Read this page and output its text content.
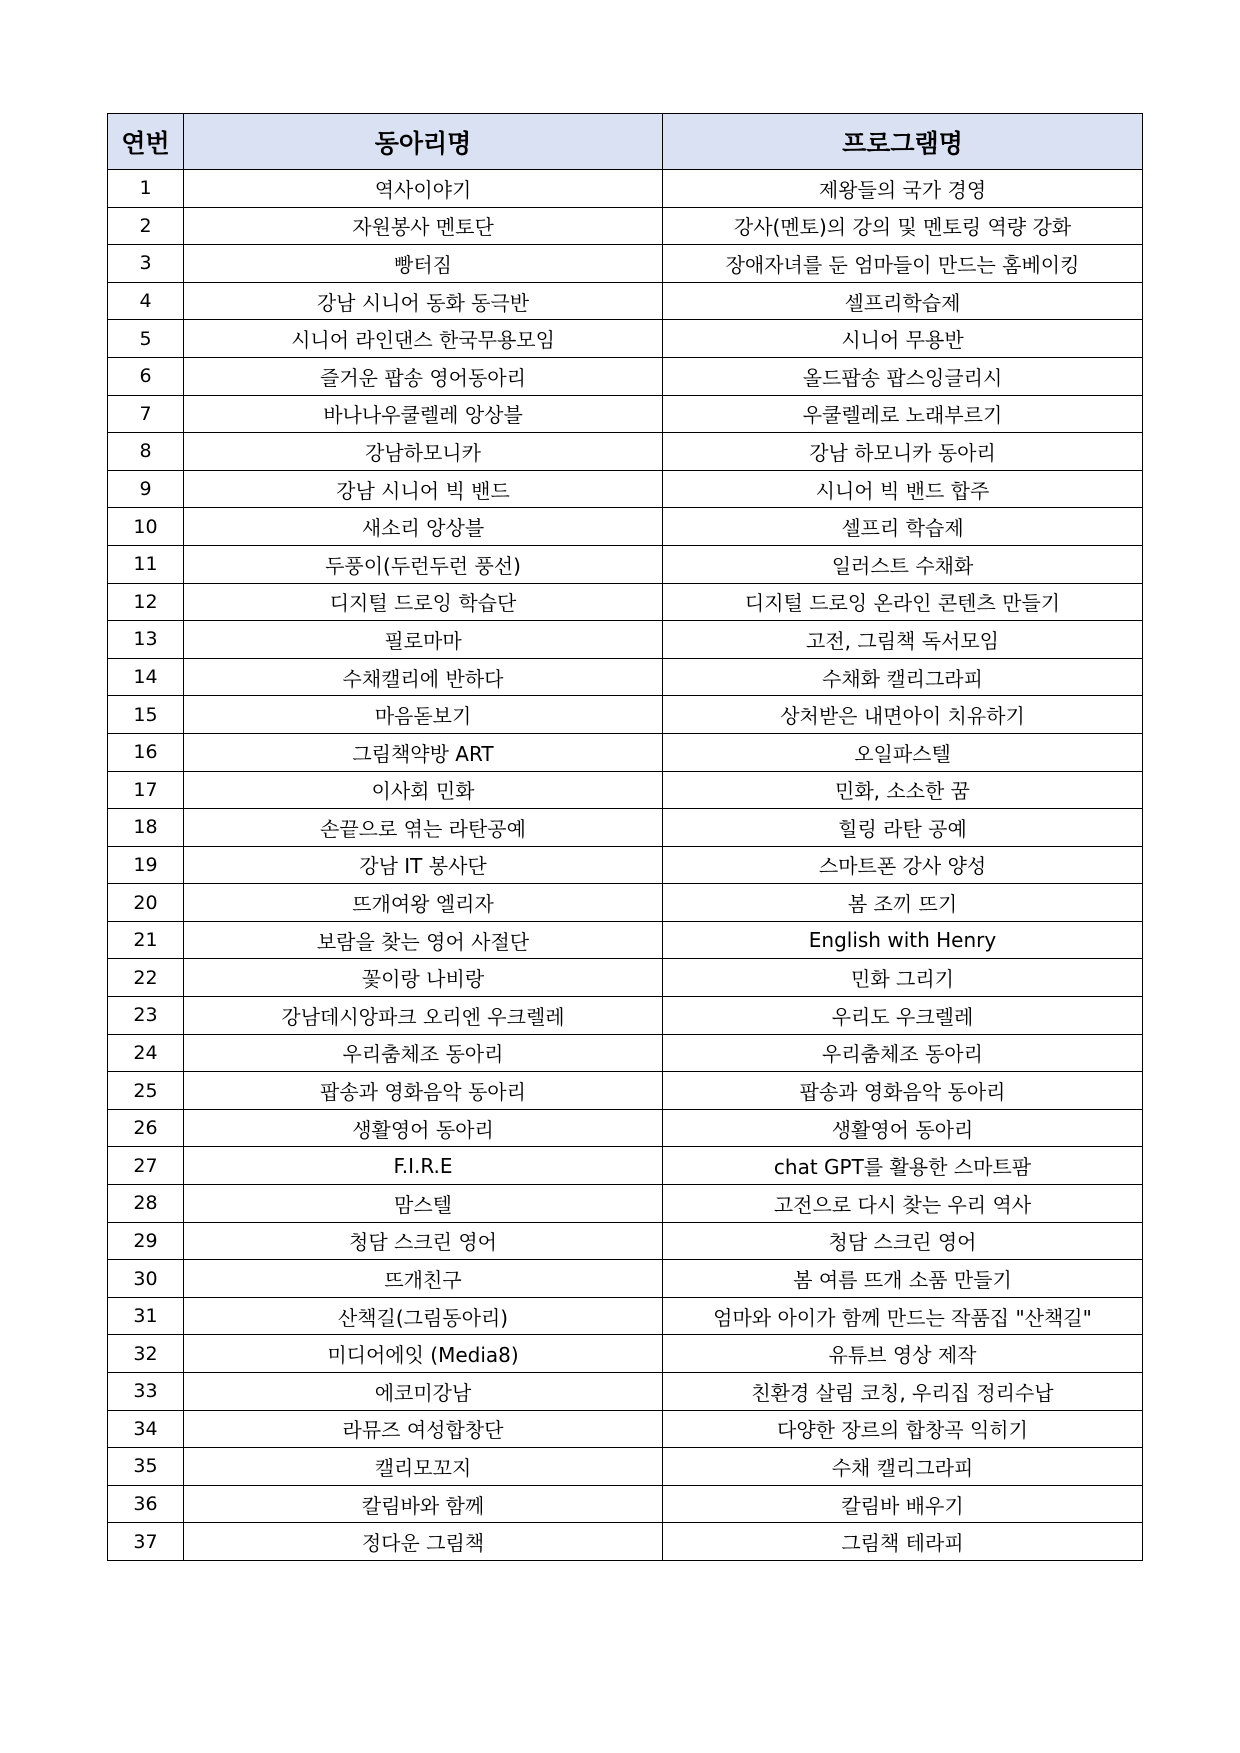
연번	동아리명	프로그램명
1	역사이야기	제왕들의 국가 경영
2	자원봉사 멘토단	강사(멘토)의 강의 및 멘토링 역량 강화
3	빵터짐	장애자녀를 둔 엄마들이 만드는 홈베이킹
4	강남 시니어 동화 동극반	셀프리학습제
5	시니어 라인댄스 한국무용모임	시니어 무용반
6	즐거운 팝송 영어동아리	올드팝송 팝스잉글리시
7	바나나우쿨렐레 앙상블	우쿨렐레로 노래부르기
8	강남하모니카	강남 하모니카 동아리
9	강남 시니어 빅 밴드	시니어 빅 밴드 합주
10	새소리 앙상블	셀프리 학습제
11	두풍이(두런두런 풍선)	일러스트 수채화
12	디지털 드로잉 학습단	디지털 드로잉 온라인 콘텐츠 만들기
13	필로마마	고전, 그림책 독서모임
14	수채캘리에 반하다	수채화 캘리그라피
15	마음돋보기	상처받은 내면아이 치유하기
16	그림책약방 ART	오일파스텔
17	이사회 민화	민화, 소소한 꿈
18	손끝으로 엮는 라탄공예	힐링 라탄 공예
19	강남 IT 봉사단	스마트폰 강사 양성
20	뜨개여왕 엘리자	봄 조끼 뜨기
21	보람을 찾는 영어 사절단	English with Henry
22	꽃이랑 나비랑	민화 그리기
23	강남데시앙파크 오리엔 우크렐레	우리도 우크렐레
24	우리춤체조 동아리	우리춤체조 동아리
25	팝송과 영화음악 동아리	팝송과 영화음악 동아리
26	생활영어 동아리	생활영어 동아리
27	F.I.R.E	chat GPT를 활용한 스마트팜
28	맘스텔	고전으로 다시 찾는 우리 역사
29	청담 스크린 영어	청담 스크린 영어
30	뜨개친구	봄 여름 뜨개 소품 만들기
31	산책길(그림동아리)	엄마와 아이가 함께 만드는 작품집 "산책길"
32	미디어에잇 (Media8)	유튜브 영상 제작
33	에코미강남	친환경 살림 코칭, 우리집 정리수납
34	라뮤즈 여성합창단	다양한 장르의 합창곡 익히기
35	캘리모꼬지	수채 캘리그라피
36	칼림바와 함께	칼림바 배우기
37	정다운 그림책	그림책 테라피
